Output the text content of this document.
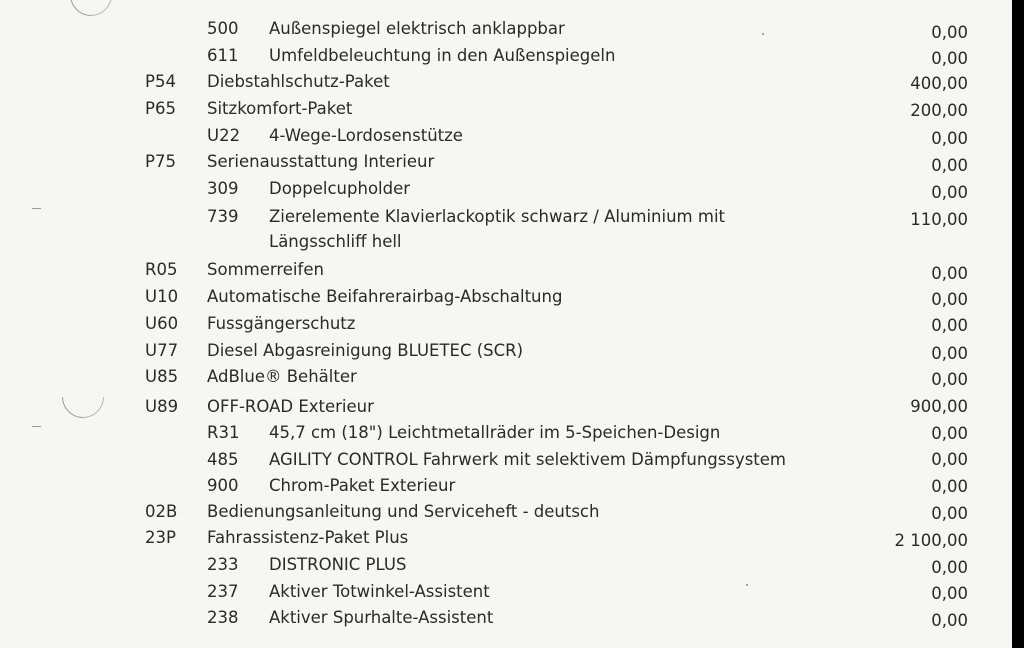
500 Außenspiegel elektrisch anklappbar	0,00
611 Umfeldbeleuchtung in den Außenspiegeln	0,00
P54 Diebstahlschutz-Paket	400,00
P65 Sitzkomfort-Paket	200,00
U22 4-Wege-Lordosenstütze	0,00
P75 Serienausstattung Interieur	0,00
309 Doppelcupholder	0,00
739 Zierelemente Klavierlackoptik schwarz / Aluminium mit	110,00
Längsschliff hell
R05 Sommerreifen	0,00
U10 Automatische Beifahrerairbag-Abschaltung	0,00
U60 Fussgängerschutz	0,00
U77 Diesel Abgasreinigung BLUETEC (SCR)	0,00
U85 AdBlue® Behälter	0,00
U89 OFF-ROAD Exterieur	900,00
R31 45,7 cm (18") Leichtmetallräder im 5-Speichen-Design	0,00
485 AGILITY CONTROL Fahrwerk mit selektivem Dämpfungssystem	0,00
900 Chrom-Paket Exterieur	0,00
02B Bedienungsanleitung und Serviceheft - deutsch	0,00
23P Fahrassistenz-Paket Plus	2 100,00
233 DISTRONIC PLUS	0,00
237 Aktiver Totwinkel-Assistent	0,00
238 Aktiver Spurhalte-Assistent	0,00
